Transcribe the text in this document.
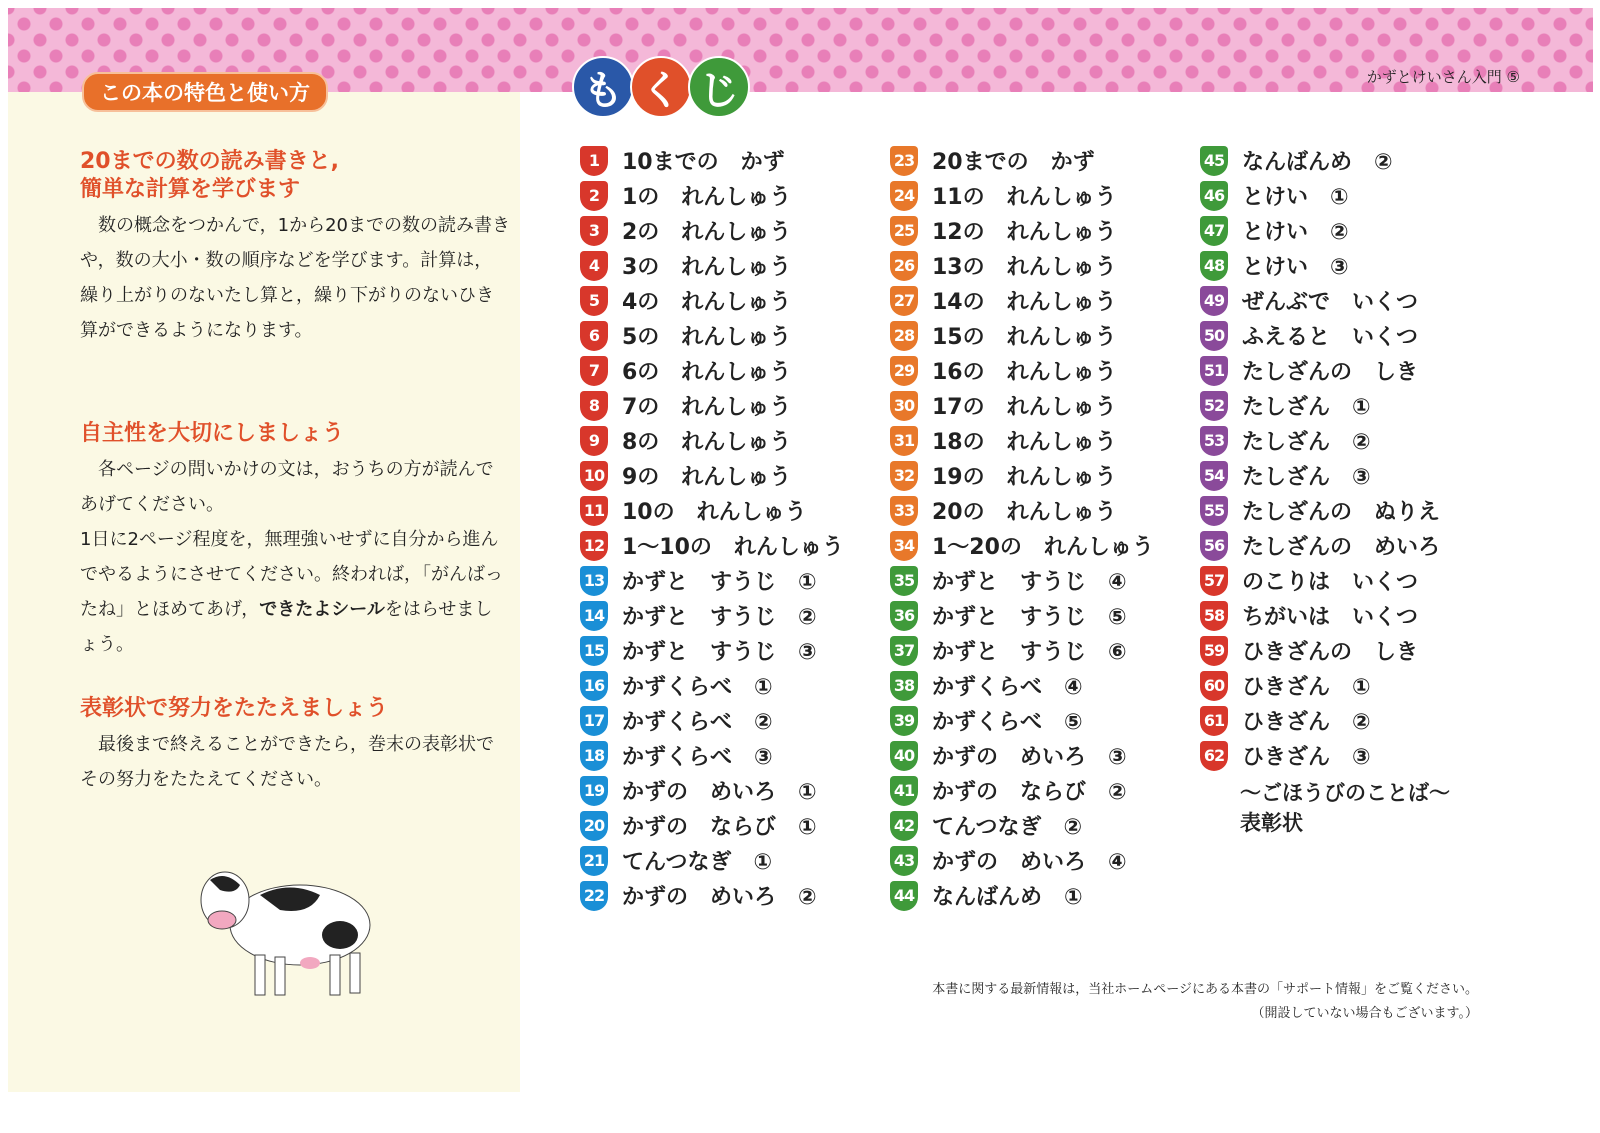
この本の特色と使い方
かずとけいさん入門 ⑤
も く じ
20までの数の読み書きと,
簡単な計算を学びます

数の概念をつかんで，1から20までの数の読み書きや，数の大小・数の順序などを学びます。計算は，繰り上がりのないたし算と，繰り下がりのないひき算ができるようになります。

自主性を大切にしましょう

各ページの問いかけの文は，おうちの方が読んであげてください。

1日に2ページ程度を，無理強いせずに自分から進んでやるようにさせてください。終われば，「がんばったね」とほめてあげ，できたよシールをはらせましょう。

表彰状で努力をたたえましょう

最後まで終えることができたら，巻末の表彰状でその努力をたたえてください。

1	10までの　かず
2	1の　れんしゅう
3	2の　れんしゅう
4	3の　れんしゅう
5	4の　れんしゅう
6	5の　れんしゅう
7	6の　れんしゅう
8	7の　れんしゅう
9	8の　れんしゅう
10 9の　れんしゅう
11 10の　れんしゅう
12 1〜10の　れんしゅう
13 かずと　すうじ　①
14 かずと　すうじ　②
15 かずと　すうじ　③
16 かずくらべ　①
17 かずくらべ　②
18 かずくらべ　③
19 かずの　めいろ　①
20 かずの　ならび　①
21 てんつなぎ　①
22 かずの　めいろ　②
23 20までの　かず
24 11の　れんしゅう
25 12の　れんしゅう
26 13の　れんしゅう
27 14の　れんしゅう
28 15の　れんしゅう
29 16の　れんしゅう
30 17の　れんしゅう
31 18の　れんしゅう
32 19の　れんしゅう
33 20の　れんしゅう
34 1〜20の　れんしゅう
35 かずと　すうじ　④
36 かずと　すうじ　⑤
37 かずと　すうじ　⑥
38 かずくらべ　④
39 かずくらべ　⑤
40 かずの　めいろ　③
41 かずの　ならび　②
42 てんつなぎ　②
43 かずの　めいろ　④
44 なんばんめ　①
45 なんばんめ　②
46 とけい　①
47 とけい　②
48 とけい　③
49 ぜんぶで　いくつ
50 ふえると　いくつ
51 たしざんの　しき
52 たしざん　①
53 たしざん　②
54 たしざん　③
55 たしざんの　ぬりえ
56 たしざんの　めいろ
57 のこりは　いくつ
58 ちがいは　いくつ
59 ひきざんの　しき
60 ひきざん　①
61 ひきざん　②
62 ひきざん　③
〜ごほうびのことば〜
表彰状
本書に関する最新情報は，当社ホームページにある本書の「サポート情報」をご覧ください。
（開設していない場合もございます。）
